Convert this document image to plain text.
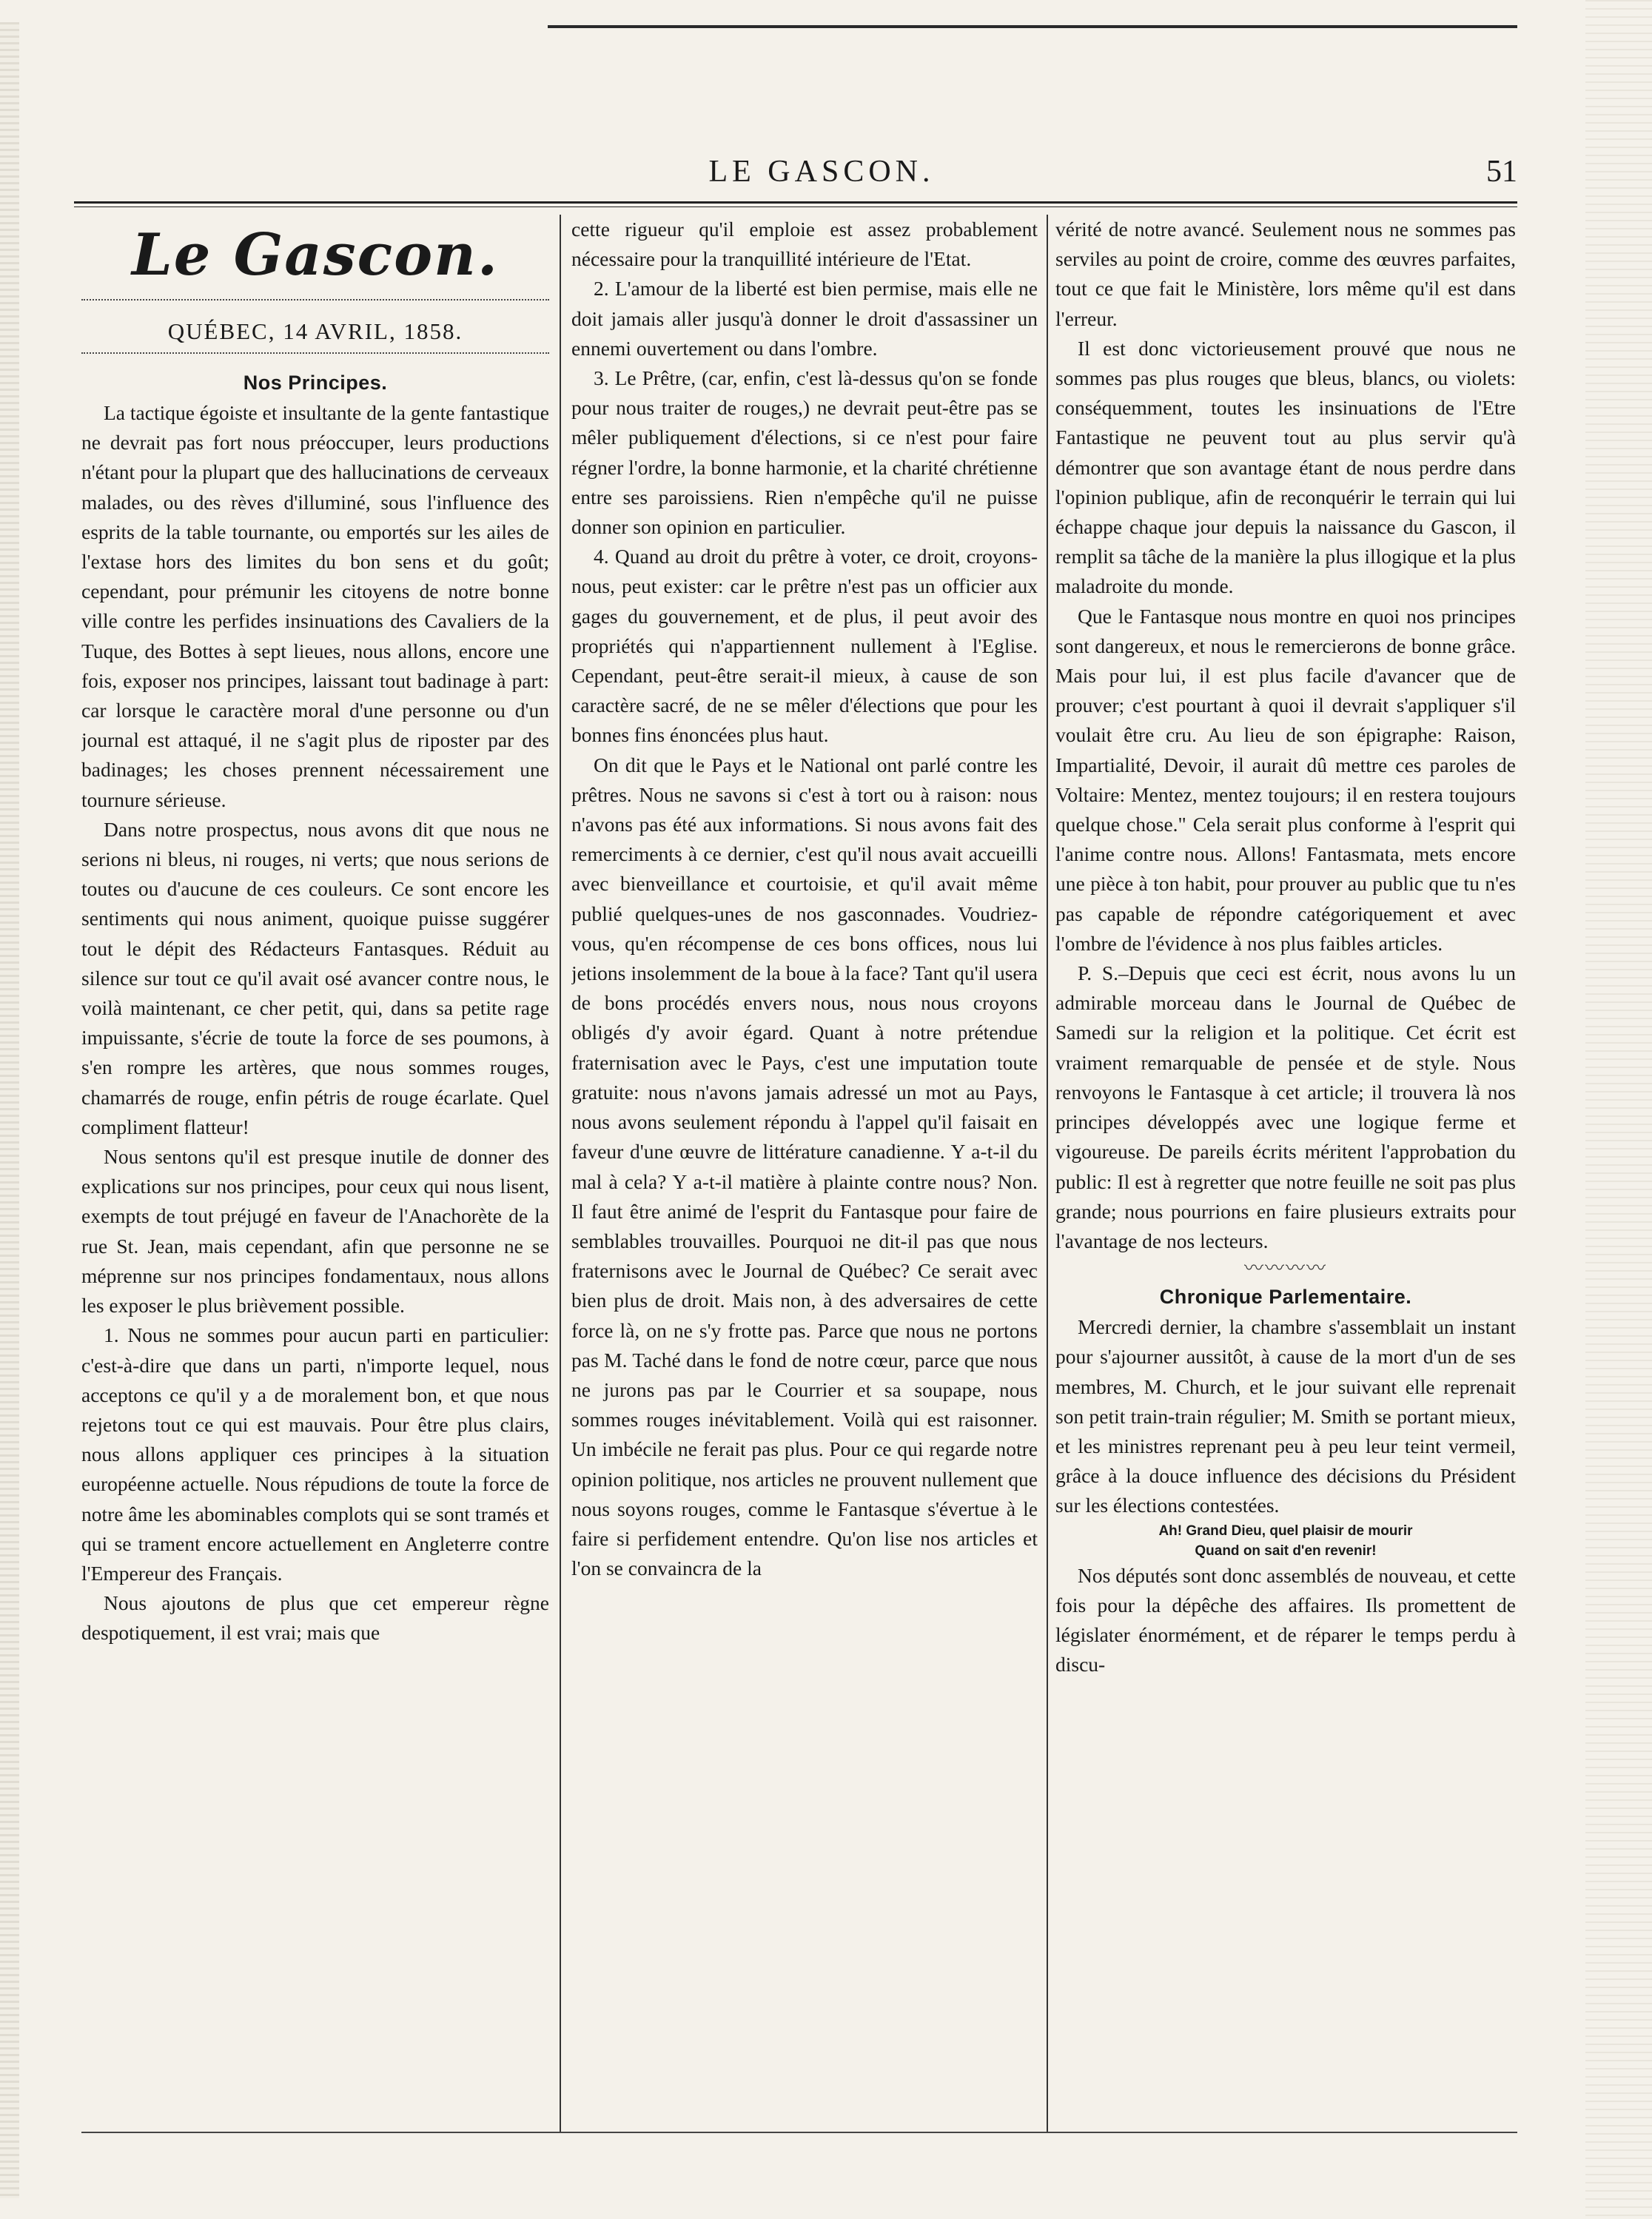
LE GASCON.	51
Le Gascon.
QUÉBEC, 14 AVRIL, 1858.
Nos Principes.

La tactique égoiste et insultante de la gente fantastique ne devrait pas fort nous préoccuper, leurs productions n'étant pour la plupart que des hallucinations de cerveaux malades, ou des rèves d'illuminé, sous l'influence des esprits de la table tournante, ou emportés sur les ailes de l'extase hors des limites du bon sens et du goût; cependant, pour prémunir les citoyens de notre bonne ville contre les perfides insinuations des Cavaliers de la Tuque, des Bottes à sept lieues, nous allons, encore une fois, exposer nos principes, laissant tout badinage à part: car lorsque le caractère moral d'une personne ou d'un journal est attaqué, il ne s'agit plus de riposter par des badinages; les choses prennent nécessairement une tournure sérieuse.

Dans notre prospectus, nous avons dit que nous ne serions ni bleus, ni rouges, ni verts; que nous serions de toutes ou d'aucune de ces couleurs. Ce sont encore les sentiments qui nous animent, quoique puisse suggérer tout le dépit des Rédacteurs Fantasques. Réduit au silence sur tout ce qu'il avait osé avancer contre nous, le voilà maintenant, ce cher petit, qui, dans sa petite rage impuissante, s'écrie de toute la force de ses poumons, à s'en rompre les artères, que nous sommes rouges, chamarrés de rouge, enfin pétris de rouge écarlate. Quel compliment flatteur!

Nous sentons qu'il est presque inutile de donner des explications sur nos principes, pour ceux qui nous lisent, exempts de tout préjugé en faveur de l'Anachorète de la rue St. Jean, mais cependant, afin que personne ne se méprenne sur nos principes fondamentaux, nous allons les exposer le plus brièvement possible.

1. Nous ne sommes pour aucun parti en particulier: c'est-à-dire que dans un parti, n'importe lequel, nous acceptons ce qu'il y a de moralement bon, et que nous rejetons tout ce qui est mauvais. Pour être plus clairs, nous allons appliquer ces principes à la situation européenne actuelle. Nous répudions de toute la force de notre âme les abominables complots qui se sont tramés et qui se trament encore actuellement en Angleterre contre l'Empereur des Français.

Nous ajoutons de plus que cet empereur règne despotiquement, il est vrai; mais que

cette rigueur qu'il emploie est assez probablement nécessaire pour la tranquillité intérieure de l'Etat.

2. L'amour de la liberté est bien permise, mais elle ne doit jamais aller jusqu'à donner le droit d'assassiner un ennemi ouvertement ou dans l'ombre.

3. Le Prêtre, (car, enfin, c'est là-dessus qu'on se fonde pour nous traiter de rouges,) ne devrait peut-être pas se mêler publiquement d'élections, si ce n'est pour faire régner l'ordre, la bonne harmonie, et la charité chrétienne entre ses paroissiens. Rien n'empêche qu'il ne puisse donner son opinion en particulier.

4. Quand au droit du prêtre à voter, ce droit, croyons-nous, peut exister: car le prêtre n'est pas un officier aux gages du gouvernement, et de plus, il peut avoir des propriétés qui n'appartiennent nullement à l'Eglise. Cependant, peut-être serait-il mieux, à cause de son caractère sacré, de ne se mêler d'élections que pour les bonnes fins énoncées plus haut.

On dit que le Pays et le National ont parlé contre les prêtres. Nous ne savons si c'est à tort ou à raison: nous n'avons pas été aux informations. Si nous avons fait des remerciments à ce dernier, c'est qu'il nous avait accueilli avec bienveillance et courtoisie, et qu'il avait même publié quelques-unes de nos gasconnades. Voudriez-vous, qu'en récompense de ces bons offices, nous lui jetions insolemment de la boue à la face? Tant qu'il usera de bons procédés envers nous, nous nous croyons obligés d'y avoir égard. Quant à notre prétendue fraternisation avec le Pays, c'est une imputation toute gratuite: nous n'avons jamais adressé un mot au Pays, nous avons seulement répondu à l'appel qu'il faisait en faveur d'une œuvre de littérature canadienne. Y a-t-il du mal à cela? Y a-t-il matière à plainte contre nous? Non. Il faut être animé de l'esprit du Fantasque pour faire de semblables trouvailles. Pourquoi ne dit-il pas que nous fraternisons avec le Journal de Québec? Ce serait avec bien plus de droit. Mais non, à des adversaires de cette force là, on ne s'y frotte pas. Parce que nous ne portons pas M. Taché dans le fond de notre cœur, parce que nous ne jurons pas par le Courrier et sa soupape, nous sommes rouges inévitablement. Voilà qui est raisonner. Un imbécile ne ferait pas plus. Pour ce qui regarde notre opinion politique, nos articles ne prouvent nullement que nous soyons rouges, comme le Fantasque s'évertue à le faire si perfidement entendre. Qu'on lise nos articles et l'on se convaincra de la

vérité de notre avancé. Seulement nous ne sommes pas serviles au point de croire, comme des œuvres parfaites, tout ce que fait le Ministère, lors même qu'il est dans l'erreur.

Il est donc victorieusement prouvé que nous ne sommes pas plus rouges que bleus, blancs, ou violets: conséquemment, toutes les insinuations de l'Etre Fantastique ne peuvent tout au plus servir qu'à démontrer que son avantage étant de nous perdre dans l'opinion publique, afin de reconquérir le terrain qui lui échappe chaque jour depuis la naissance du Gascon, il remplit sa tâche de la manière la plus illogique et la plus maladroite du monde.

Que le Fantasque nous montre en quoi nos principes sont dangereux, et nous le remercierons de bonne grâce. Mais pour lui, il est plus facile d'avancer que de prouver; c'est pourtant à quoi il devrait s'appliquer s'il voulait être cru. Au lieu de son épigraphe: Raison, Impartialité, Devoir, il aurait dû mettre ces paroles de Voltaire: Mentez, mentez toujours; il en restera toujours quelque chose." Cela serait plus conforme à l'esprit qui l'anime contre nous. Allons! Fantasmata, mets encore une pièce à ton habit, pour prouver au public que tu n'es pas capable de répondre catégoriquement et avec l'ombre de l'évidence à nos plus faibles articles.

P. S.–Depuis que ceci est écrit, nous avons lu un admirable morceau dans le Journal de Québec de Samedi sur la religion et la politique. Cet écrit est vraiment remarquable de pensée et de style. Nous renvoyons le Fantasque à cet article; il trouvera là nos principes développés avec une logique ferme et vigoureuse. De pareils écrits méritent l'approbation du public: Il est à regretter que notre feuille ne soit pas plus grande; nous pourrions en faire plusieurs extraits pour l'avantage de nos lecteurs.

〰〰〰〰
Chronique Parlementaire.

Mercredi dernier, la chambre s'assemblait un instant pour s'ajourner aussitôt, à cause de la mort d'un de ses membres, M. Church, et le jour suivant elle reprenait son petit train-train régulier; M. Smith se portant mieux, et les ministres reprenant peu à peu leur teint vermeil, grâce à la douce influence des décisions du Président sur les élections contestées.

Ah! Grand Dieu, quel plaisir de mourir
Quand on sait d'en revenir!

Nos députés sont donc assemblés de nouveau, et cette fois pour la dépêche des affaires. Ils promettent de législater énormément, et de réparer le temps perdu à discu-
